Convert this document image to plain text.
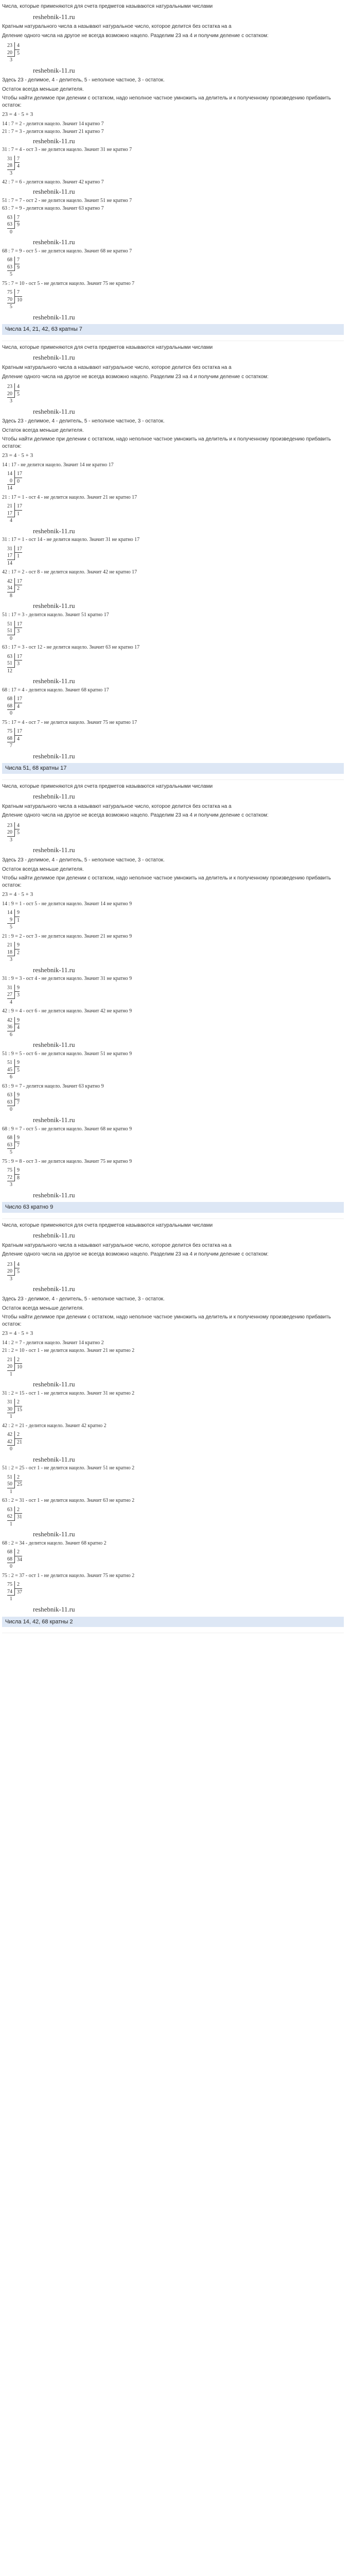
Числа, которые применяются для счета предметов называются натуральными числами
reshebnik-11.ru
Кратным натурального числа a называют натуральное число, которое делится без остатка на a
Деление одного числа на другое не всегда возможно нацело. Разделим 23 на 4 и получим деление с остатком:
23 4
20 5
3
reshebnik-11.ru
Здесь 23 - делимое, 4 - делитель, 5 - неполное частное, 3 - остаток.
Остаток всегда меньше делителя.
Чтобы найти делимое при делении с остатком, надо неполное частное умножить на делитель и к полученному произведению прибавить остаток:
23 = 4 · 5 + 3
14 : 7 = 2 - делится нацело. Значит 14 кратно 7
21 : 7 = 3 - делится нацело. Значит 21 кратно 7
reshebnik-11.ru
31 : 7 = 4 - ост 3 - не делится нацело. Значит 31 не кратно 7
31 7
28 4
3
42 : 7 = 6 - делится нацело. Значит 42 кратно 7
reshebnik-11.ru
51 : 7 = 7 - ост 2 - не делится нацело. Значит 51 не кратно 7
63 : 7 = 9 - делится нацело. Значит 63 кратно 7
63 7
63 9
0
reshebnik-11.ru
68 : 7 = 9 - ост 5 - не делится нацело. Значит 68 не кратно 7
68 7
63 9
5
75 : 7 = 10 - ост 5 - не делится нацело. Значит 75 не кратно 7
75 7
70 10
5
reshebnik-11.ru
Числа 14, 21, 42, 63 кратны 7
Числа, которые применяются для счета предметов называются натуральными числами
reshebnik-11.ru
Кратным натурального числа a называют натуральное число, которое делится без остатка на a
Деление одного числа на другое не всегда возможно нацело. Разделим 23 на 4 и получим деление с остатком:
23 4
20 5
3
reshebnik-11.ru
Здесь 23 - делимое, 4 - делитель, 5 - неполное частное, 3 - остаток.
Остаток всегда меньше делителя.
Чтобы найти делимое при делении с остатком, надо неполное частное умножить на делитель и к полученному произведению прибавить остаток:
23 = 4 · 5 + 3
14 : 17 - не делится нацело. Значит 14 не кратно 17
14 17
0 0
14
21 : 17 = 1 - ост 4 - не делится нацело. Значит 21 не кратно 17
21 17
17 1
4
reshebnik-11.ru
31 : 17 = 1 - ост 14 - не делится нацело. Значит 31 не кратно 17
31 17
17 1
14
42 : 17 = 2 - ост 8 - не делится нацело. Значит 42 не кратно 17
42 17
34 2
8
reshebnik-11.ru
51 : 17 = 3 - делится нацело. Значит 51 кратно 17
51 17
51 3
0
63 : 17 = 3 - ост 12 - не делится нацело. Значит 63 не кратно 17
63 17
51 3
12
reshebnik-11.ru
68 : 17 = 4 - делится нацело. Значит 68 кратно 17
68 17
68 4
0
75 : 17 = 4 - ост 7 - не делится нацело. Значит 75 не кратно 17
75 17
68 4
7
reshebnik-11.ru
Числа 51, 68 кратны 17
Числа, которые применяются для счета предметов называются натуральными числами
reshebnik-11.ru
Кратным натурального числа a называют натуральное число, которое делится без остатка на a
Деление одного числа на другое не всегда возможно нацело. Разделим 23 на 4 и получим деление с остатком:
23 4
20 5
3
reshebnik-11.ru
Здесь 23 - делимое, 4 - делитель, 5 - неполное частное, 3 - остаток.
Остаток всегда меньше делителя.
Чтобы найти делимое при делении с остатком, надо неполное частное умножить на делитель и к полученному произведению прибавить остаток:
23 = 4 · 5 + 3
14 : 9 = 1 - ост 5 - не делится нацело. Значит 14 не кратно 9
14 9
9 1
5
21 : 9 = 2 - ост 3 - не делится нацело. Значит 21 не кратно 9
21 9
18 2
3
reshebnik-11.ru
31 : 9 = 3 - ост 4 - не делится нацело. Значит 31 не кратно 9
31 9
27 3
4
42 : 9 = 4 - ост 6 - не делится нацело. Значит 42 не кратно 9
42 9
36 4
6
reshebnik-11.ru
51 : 9 = 5 - ост 6 - не делится нацело. Значит 51 не кратно 9
51 9
45 5
6
63 : 9 = 7 - делится нацело. Значит 63 кратно 9
63 9
63 7
0
reshebnik-11.ru
68 : 9 = 7 - ост 5 - не делится нацело. Значит 68 не кратно 9
68 9
63 7
5
75 : 9 = 8 - ост 3 - не делится нацело. Значит 75 не кратно 9
75 9
72 8
3
reshebnik-11.ru
Число 63 кратно 9
Числа, которые применяются для счета предметов называются натуральными числами
reshebnik-11.ru
Кратным натурального числа a называют натуральное число, которое делится без остатка на a
Деление одного числа на другое не всегда возможно нацело. Разделим 23 на 4 и получим деление с остатком:
23 4
20 5
3
reshebnik-11.ru
Здесь 23 - делимое, 4 - делитель, 5 - неполное частное, 3 - остаток.
Остаток всегда меньше делителя.
Чтобы найти делимое при делении с остатком, надо неполное частное умножить на делитель и к полученному произведению прибавить остаток:
23 = 4 · 5 + 3
14 : 2 = 7 - делится нацело. Значит 14 кратно 2
21 : 2 = 10 - ост 1 - не делится нацело. Значит 21 не кратно 2
21 2
20 10
1
reshebnik-11.ru
31 : 2 = 15 - ост 1 - не делится нацело. Значит 31 не кратно 2
31 2
30 15
1
42 : 2 = 21 - делится нацело. Значит 42 кратно 2
42 2
42 21
0
reshebnik-11.ru
51 : 2 = 25 - ост 1 - не делится нацело. Значит 51 не кратно 2
51 2
50 25
1
63 : 2 = 31 - ост 1 - не делится нацело. Значит 63 не кратно 2
63 2
62 31
1
reshebnik-11.ru
68 : 2 = 34 - делится нацело. Значит 68 кратно 2
68 2
68 34
0
75 : 2 = 37 - ост 1 - не делится нацело. Значит 75 не кратно 2
75 2
74 37
1
reshebnik-11.ru
Числа 14, 42, 68 кратны 2
